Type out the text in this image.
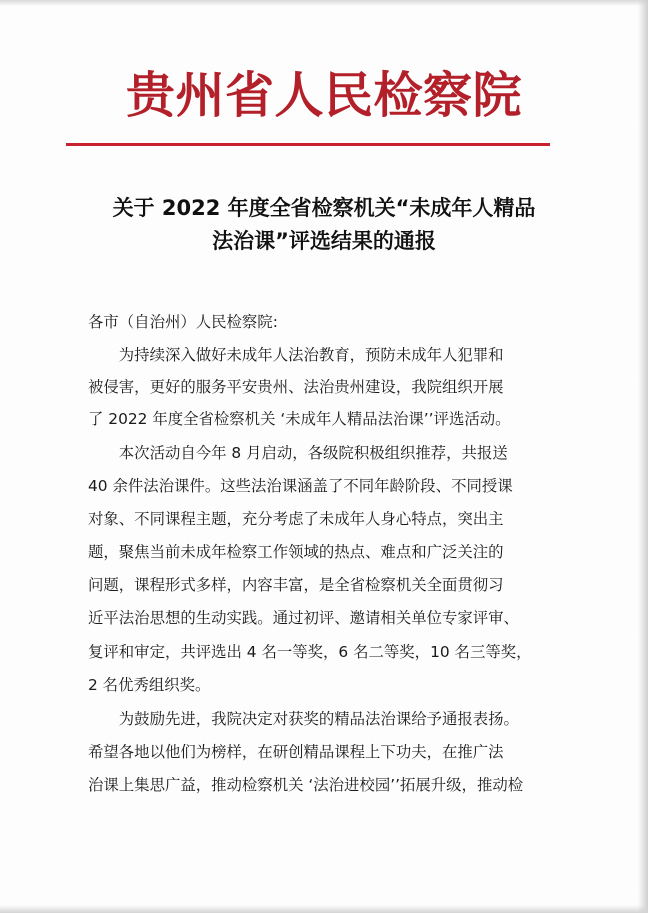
贵州省人民检察院
关于 2022 年度全省检察机关“未成年人精品
法治课”评选结果的通报
各市（自治州）人民检察院:
　　为持续深入做好未成年人法治教育，预防未成年人犯罪和
被侵害，更好的服务平安贵州、法治贵州建设，我院组织开展
了 2022 年度全省检察机关 ‘未成年人精品法治课’’评选活动。
　　本次活动自今年 8 月启动，各级院积极组织推荐，共报送
40 余件法治课件。这些法治课涵盖了不同年龄阶段、不同授课
对象、不同课程主题，充分考虑了未成年人身心特点，突出主
题，聚焦当前未成年检察工作领域的热点、难点和广泛关注的
问题，课程形式多样，内容丰富，是全省检察机关全面贯彻习
近平法治思想的生动实践。通过初评、邀请相关单位专家评审、
复评和审定，共评选出 4 名一等奖，6 名二等奖，10 名三等奖，
2 名优秀组织奖。
　　为鼓励先进，我院决定对获奖的精品法治课给予通报表扬。
希望各地以他们为榜样，在研创精品课程上下功夫，在推广法
治课上集思广益，推动检察机关 ‘法治进校园’’拓展升级，推动检
